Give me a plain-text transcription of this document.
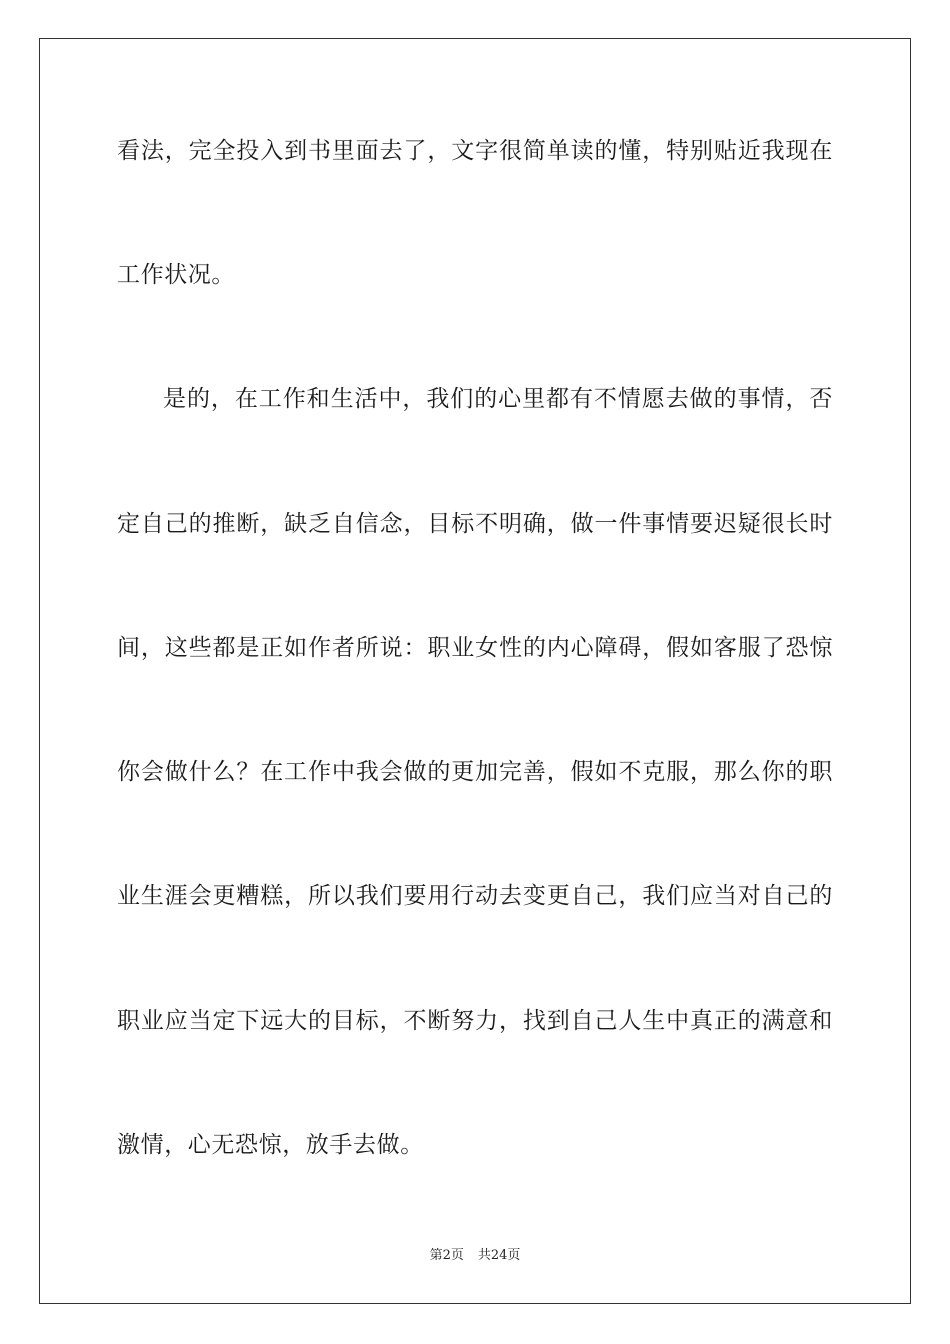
看法，完全投入到书里面去了，文字很简单读的懂，特别贴近我现在
工作状况。
是的，在工作和生活中，我们的心里都有不情愿去做的事情，否
定自己的推断，缺乏自信念，目标不明确，做一件事情要迟疑很长时
间，这些都是正如作者所说：职业女性的内心障碍，假如客服了恐惊
你会做什么？在工作中我会做的更加完善，假如不克服，那么你的职
业生涯会更糟糕，所以我们要用行动去变更自己，我们应当对自己的
职业应当定下远大的目标，不断努力，找到自己人生中真正的满意和
激情，心无恐惊，放手去做。
第2页 共24页
